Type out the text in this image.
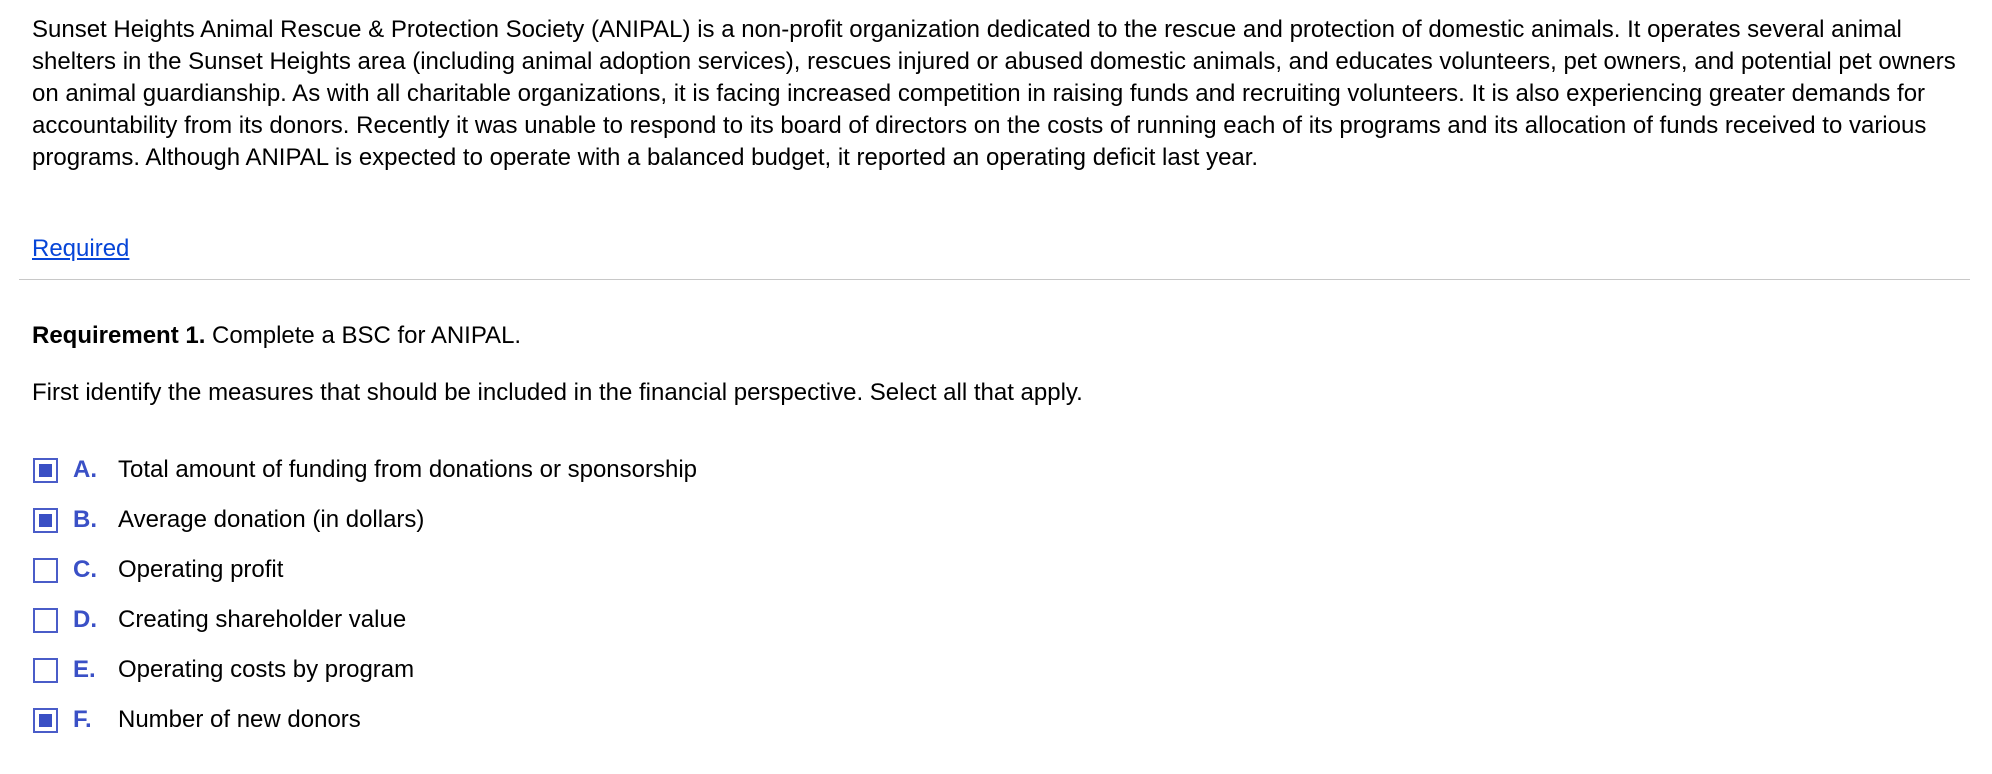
Sunset Heights Animal Rescue & Protection Society (ANIPAL) is a non-profit organization dedicated to the rescue and protection of domestic animals. It operates several animal shelters in the Sunset Heights area (including animal adoption services), rescues injured or abused domestic animals, and educates volunteers, pet owners, and potential pet owners on animal guardianship. As with all charitable organizations, it is facing increased competition in raising funds and recruiting volunteers. It is also experiencing greater demands for accountability from its donors. Recently it was unable to respond to its board of directors on the costs of running each of its programs and its allocation of funds received to various programs. Although ANIPAL is expected to operate with a balanced budget, it reported an operating deficit last year.

Required

Requirement 1. Complete a BSC for ANIPAL.

First identify the measures that should be included in the financial perspective. Select all that apply.

A. Total amount of funding from donations or sponsorship
B. Average donation (in dollars)
C. Operating profit
D. Creating shareholder value
E. Operating costs by program
F.	Number of new donors
